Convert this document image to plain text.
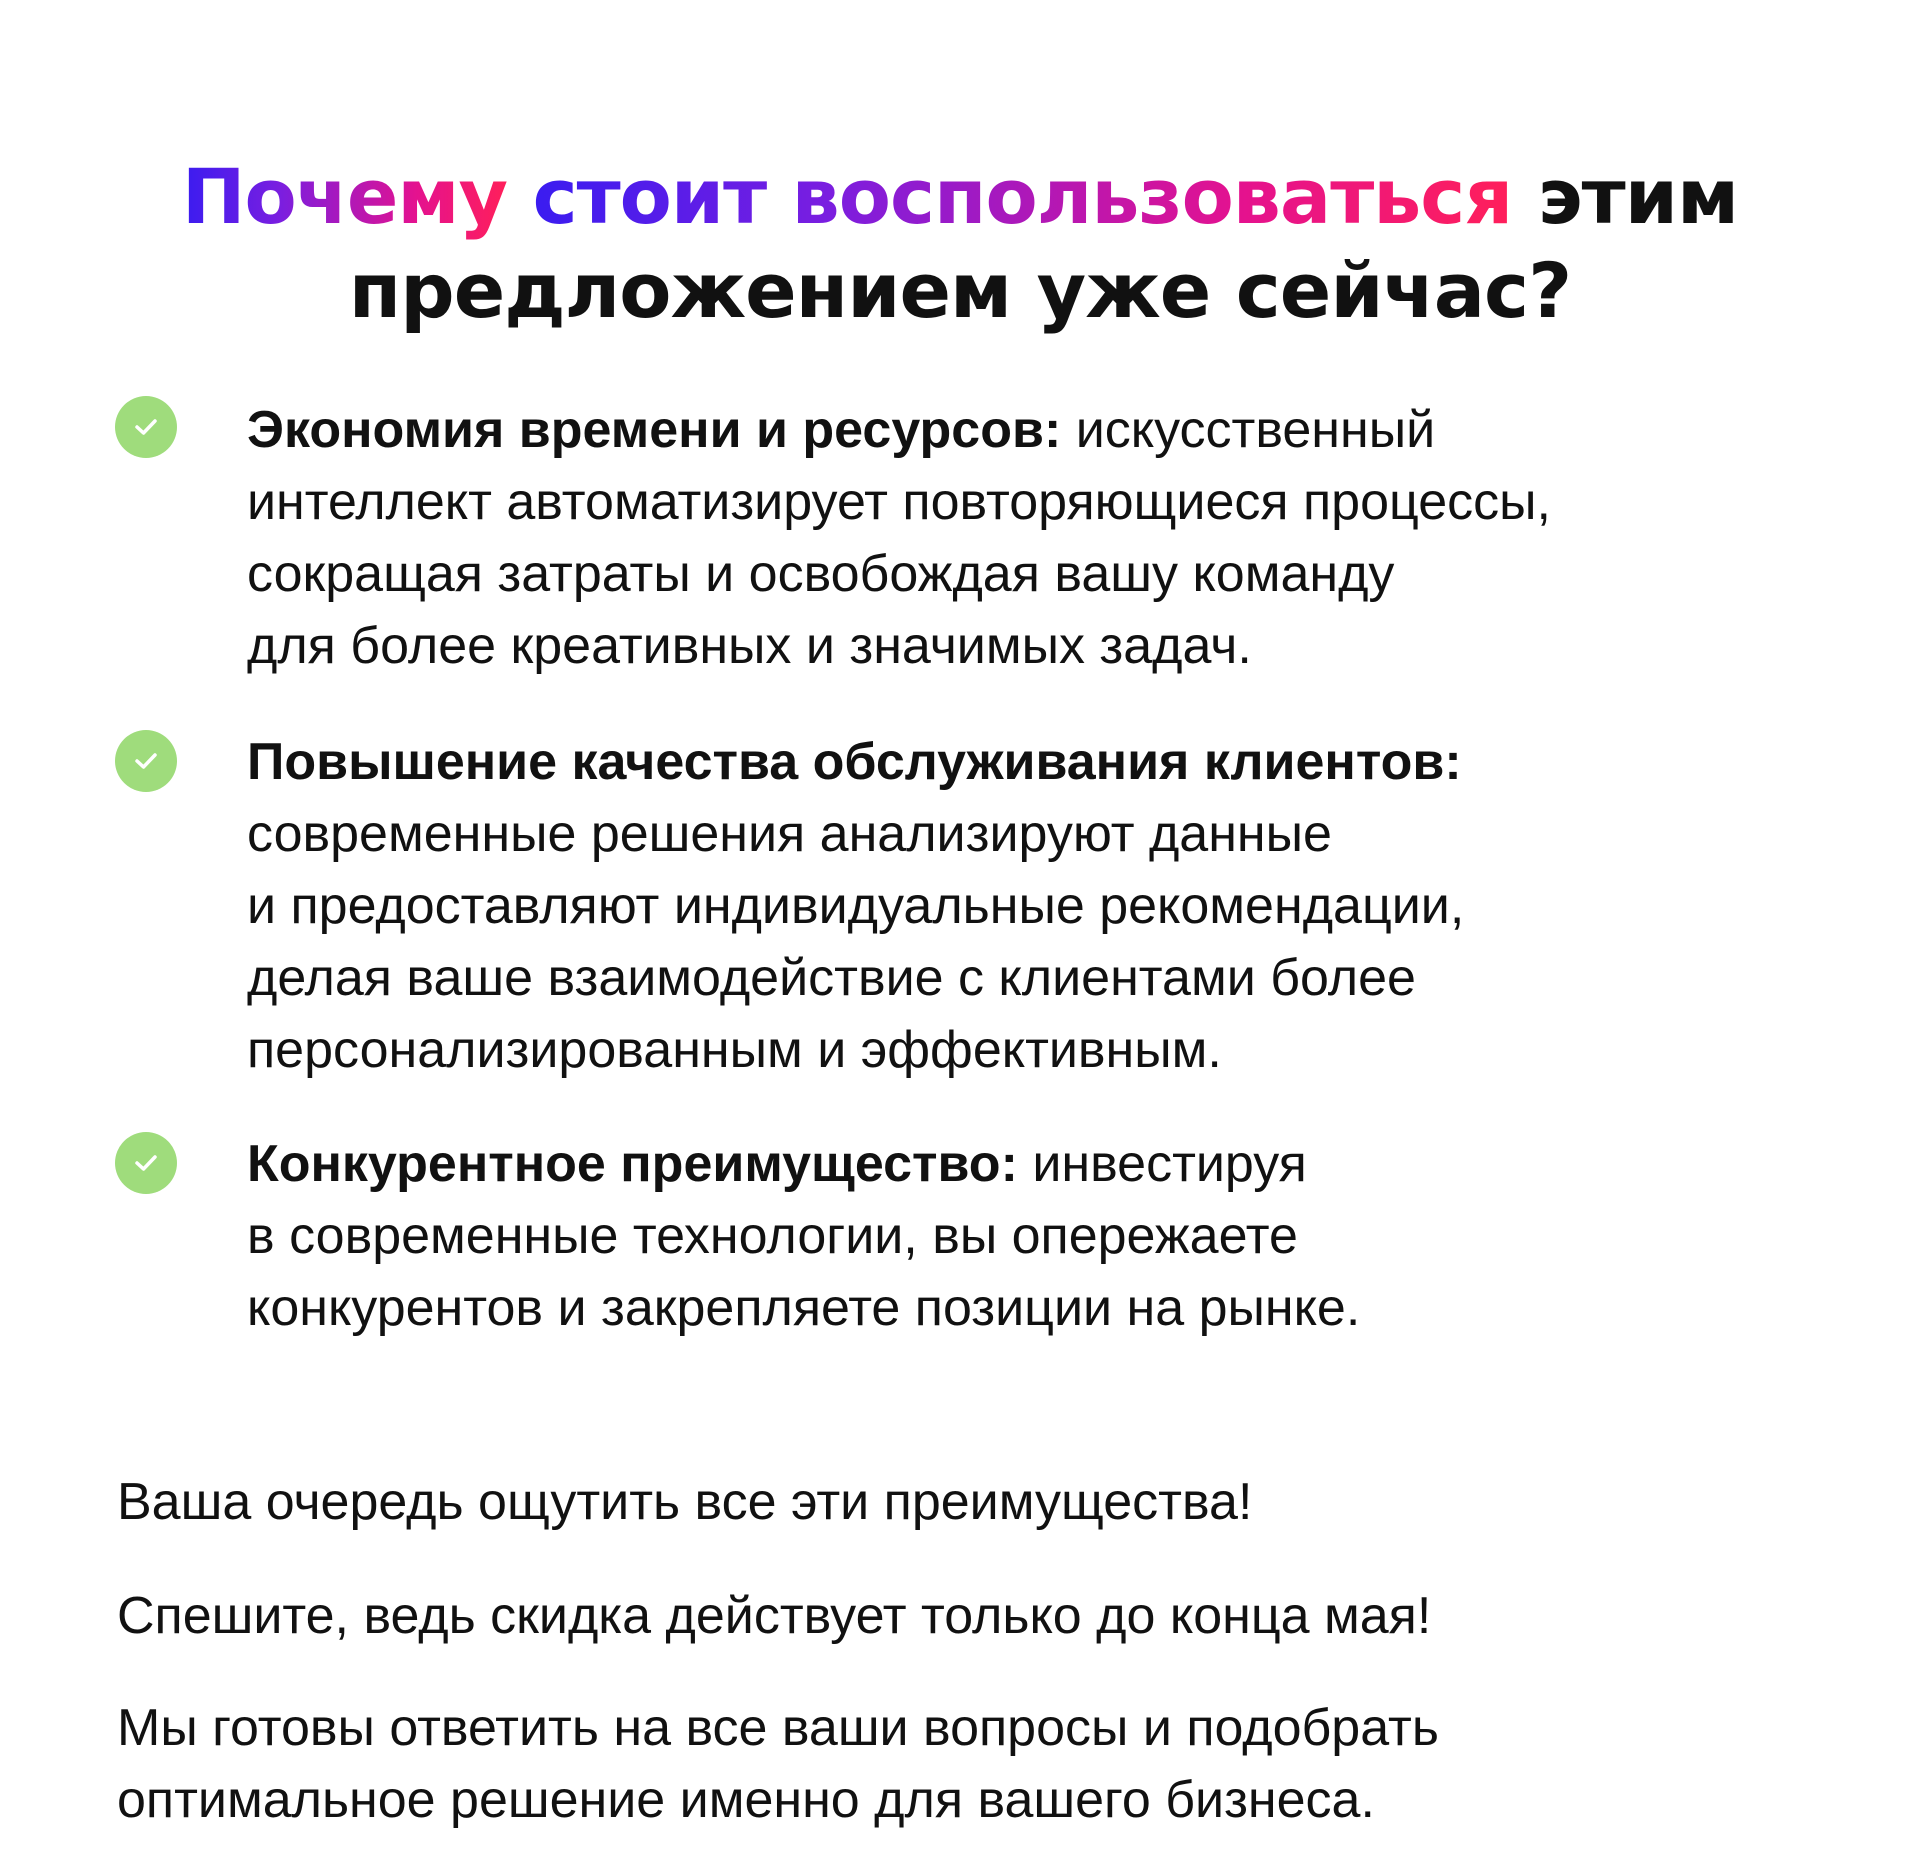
Почему стоит воспользоваться этим
предложением уже сейчас?

Экономия времени и ресурсов: искусственный
интеллект автоматизирует повторяющиеся процессы,
сокращая затраты и освобождая вашу команду
для более креативных и значимых задач.

Повышение качества обслуживания клиентов:
современные решения анализируют данные
и предоставляют индивидуальные рекомендации,
делая ваше взаимодействие с клиентами более
персонализированным и эффективным.

Конкурентное преимущество: инвестируя
в современные технологии, вы опережаете
конкурентов и закрепляете позиции на рынке.

Ваша очередь ощутить все эти преимущества!

Спешите, ведь скидка действует только до конца мая!

Мы готовы ответить на все ваши вопросы и подобрать
оптимальное решение именно для вашего бизнеса.
